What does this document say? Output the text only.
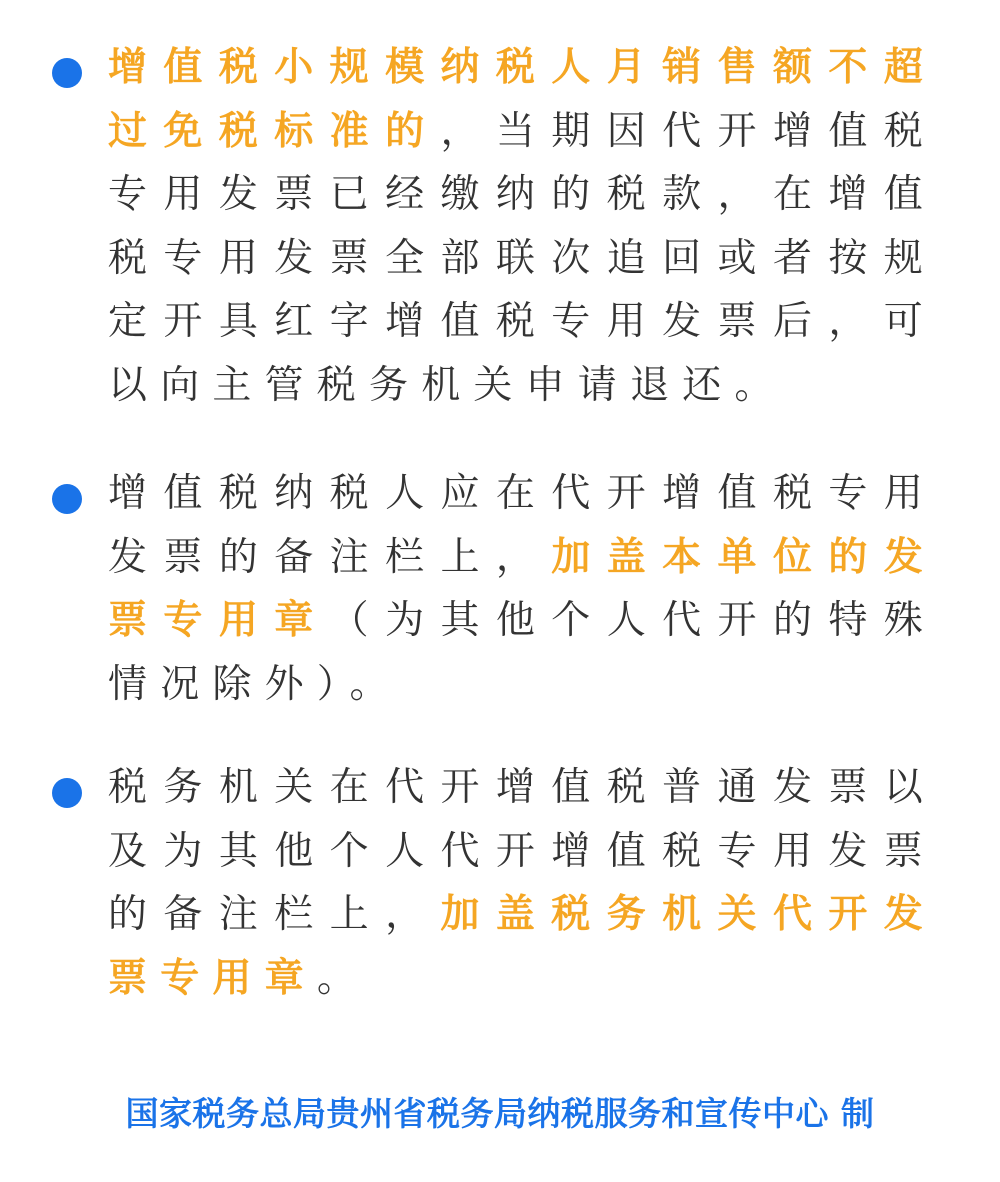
增值税小规模纳税人月销售额不超过免税标准的，当期因代开增值税专用发票已经缴纳的税款，在增值税专用发票全部联次追回或者按规定开具红字增值税专用发票后，可以向主管税务机关申请退还。
增值税纳税人应在代开增值税专用发票的备注栏上，加盖本单位的发票专用章（为其他个人代开的特殊情况除外）。
税务机关在代开增值税普通发票以及为其他个人代开增值税专用发票的备注栏上，加盖税务机关代开发票专用章。
国家税务总局贵州省税务局纳税服务和宣传中心 制
